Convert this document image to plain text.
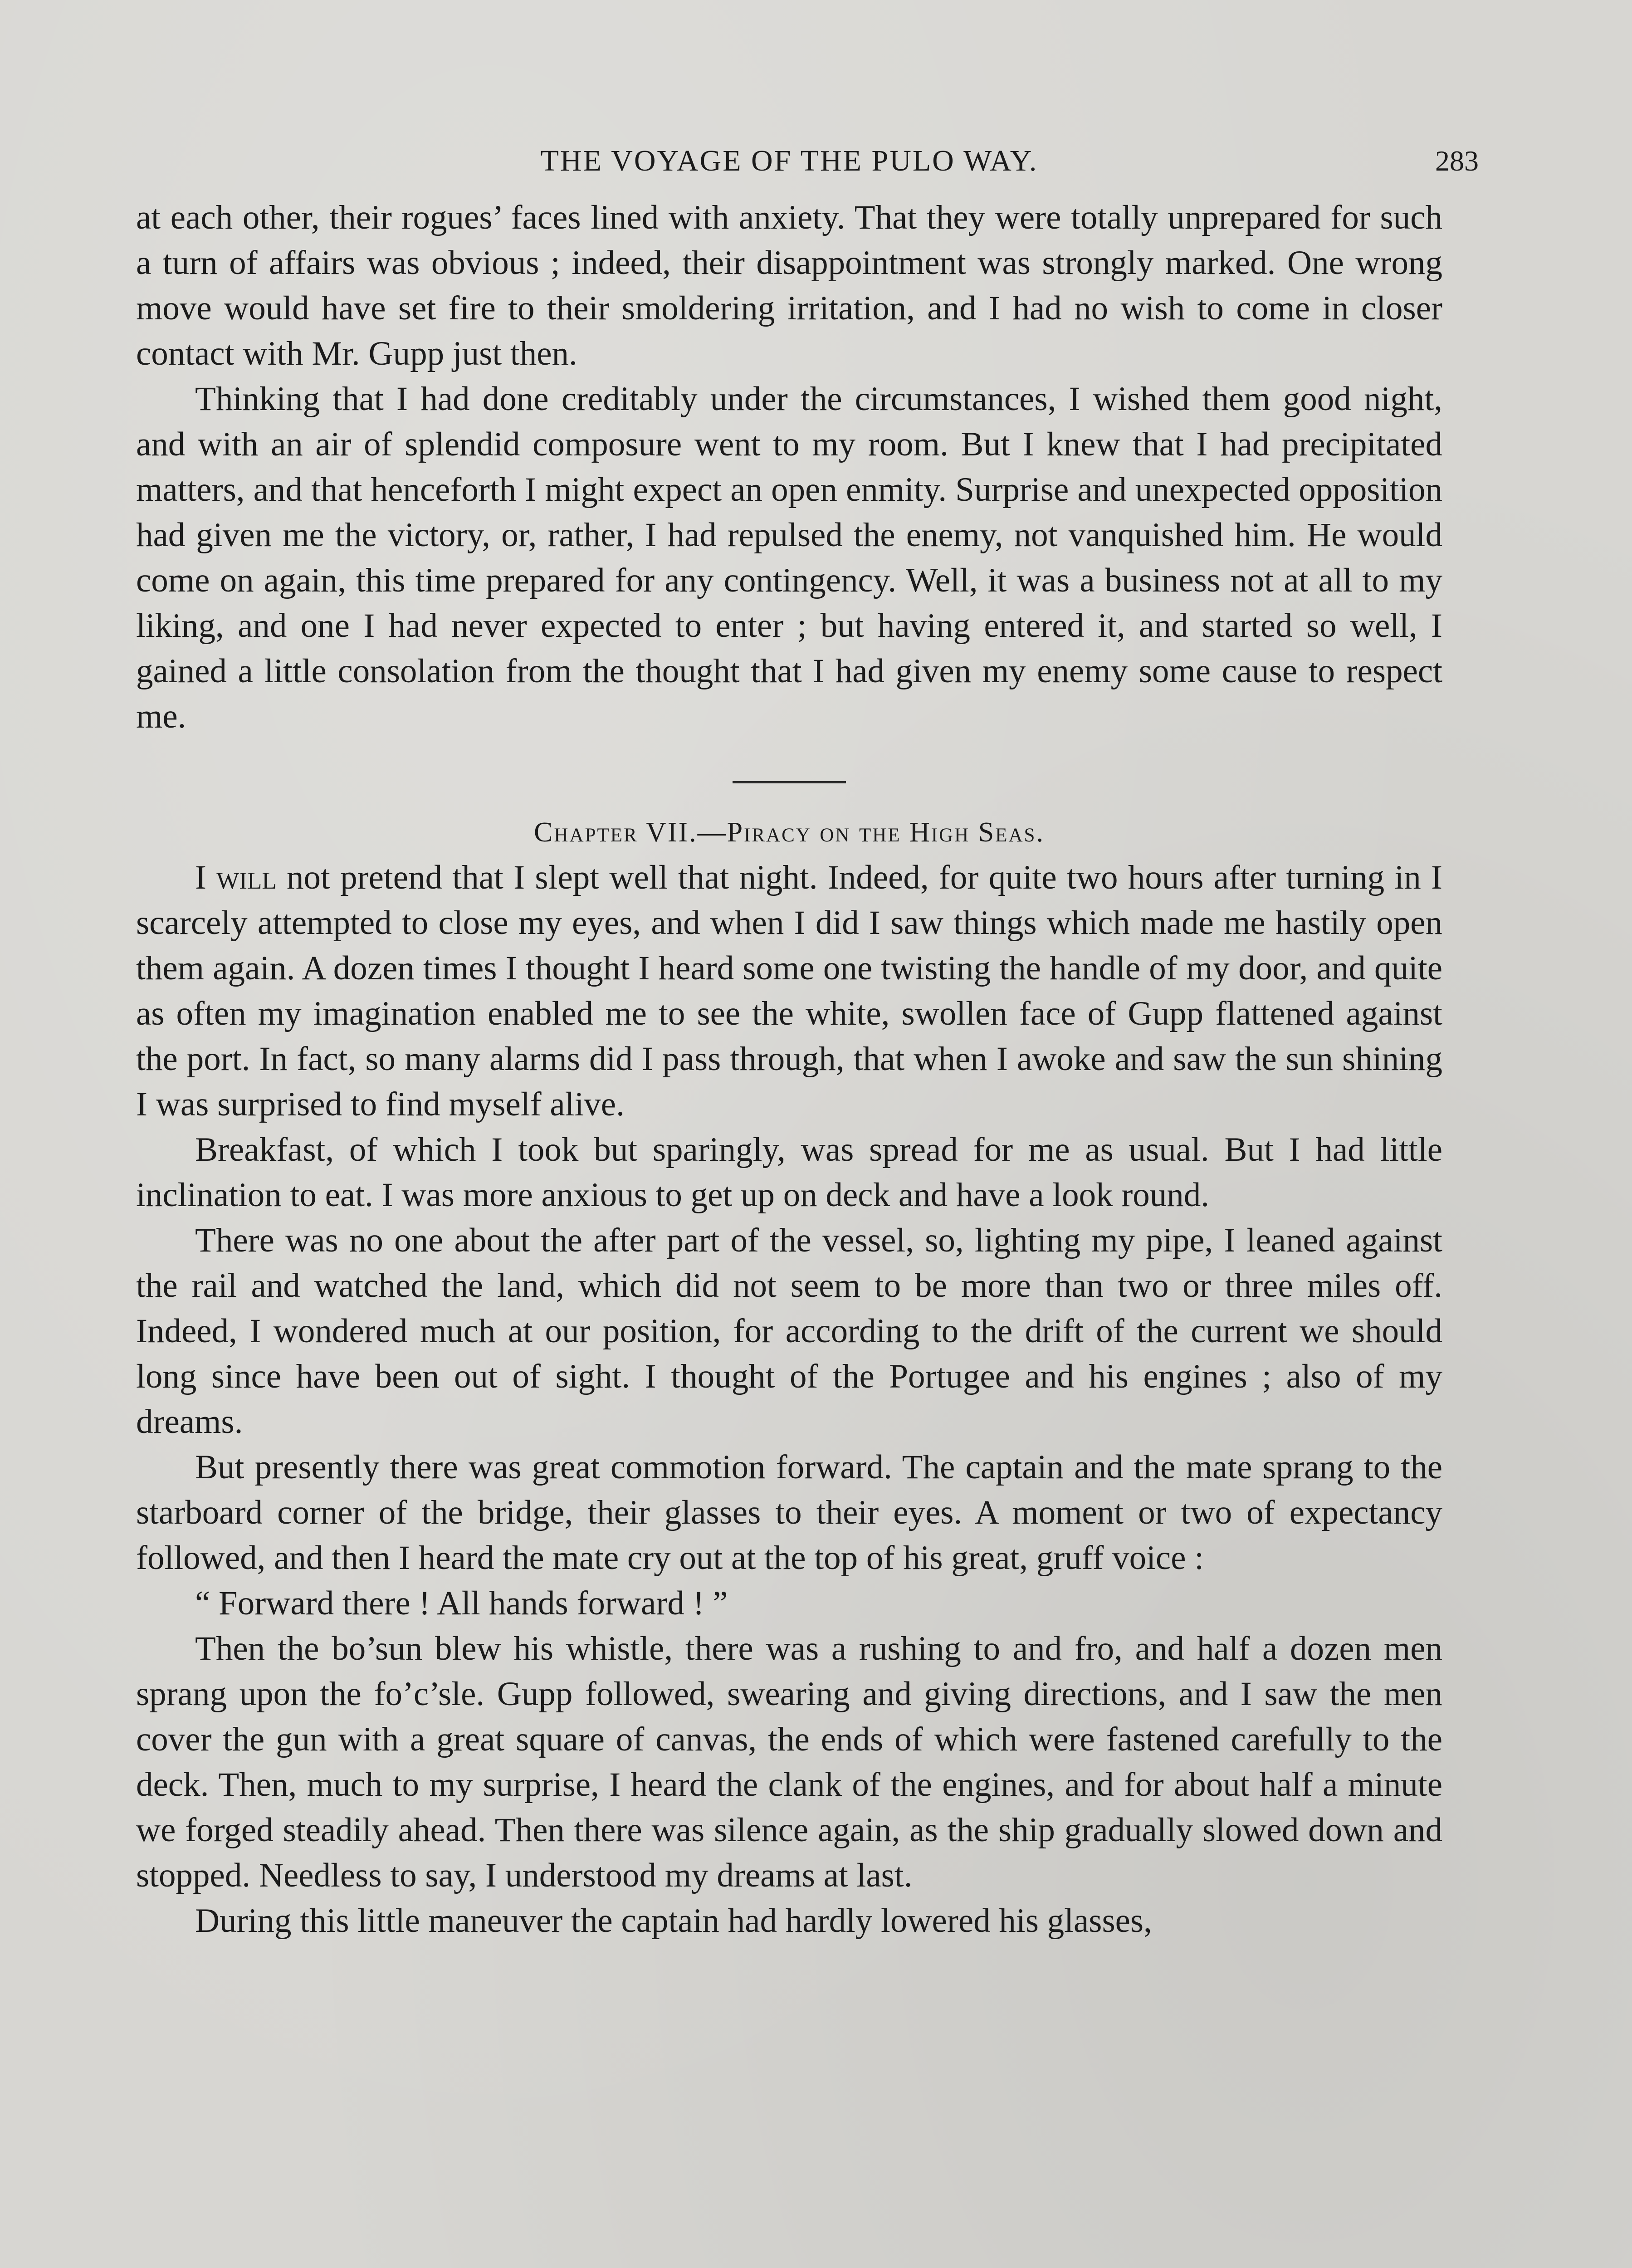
THE VOYAGE OF THE PULO WAY.	283

at each other, their rogues’ faces lined with anxiety. That they were totally unprepared for such a turn of affairs was obvious ; indeed, their disappointment was strongly marked. One wrong move would have set fire to their smoldering irritation, and I had no wish to come in closer contact with Mr. Gupp just then.

Thinking that I had done creditably under the circumstances, I wished them good night, and with an air of splendid composure went to my room. But I knew that I had precipitated matters, and that henceforth I might expect an open enmity. Surprise and unexpected opposition had given me the victory, or, rather, I had repulsed the enemy, not vanquished him. He would come on again, this time prepared for any contingency. Well, it was a business not at all to my liking, and one I had never expected to enter ; but having entered it, and started so well, I gained a little consolation from the thought that I had given my enemy some cause to respect me.

Chapter VII.—Piracy on the High Seas.

I will not pretend that I slept well that night. Indeed, for quite two hours after turning in I scarcely attempted to close my eyes, and when I did I saw things which made me hastily open them again. A dozen times I thought I heard some one twisting the handle of my door, and quite as often my imagination enabled me to see the white, swollen face of Gupp flattened against the port. In fact, so many alarms did I pass through, that when I awoke and saw the sun shining I was surprised to find myself alive.

Breakfast, of which I took but sparingly, was spread for me as usual. But I had little inclination to eat. I was more anxious to get up on deck and have a look round.

There was no one about the after part of the vessel, so, lighting my pipe, I leaned against the rail and watched the land, which did not seem to be more than two or three miles off. Indeed, I wondered much at our position, for according to the drift of the current we should long since have been out of sight. I thought of the Portugee and his engines ; also of my dreams.

But presently there was great commotion forward. The captain and the mate sprang to the starboard corner of the bridge, their glasses to their eyes. A moment or two of expectancy followed, and then I heard the mate cry out at the top of his great, gruff voice :

“ Forward there ! All hands forward ! ”

Then the bo’sun blew his whistle, there was a rushing to and fro, and half a dozen men sprang upon the fo’c’sle. Gupp followed, swearing and giving directions, and I saw the men cover the gun with a great square of canvas, the ends of which were fastened carefully to the deck. Then, much to my surprise, I heard the clank of the engines, and for about half a minute we forged steadily ahead. Then there was silence again, as the ship gradually slowed down and stopped. Needless to say, I understood my dreams at last.

During this little maneuver the captain had hardly lowered his glasses,
